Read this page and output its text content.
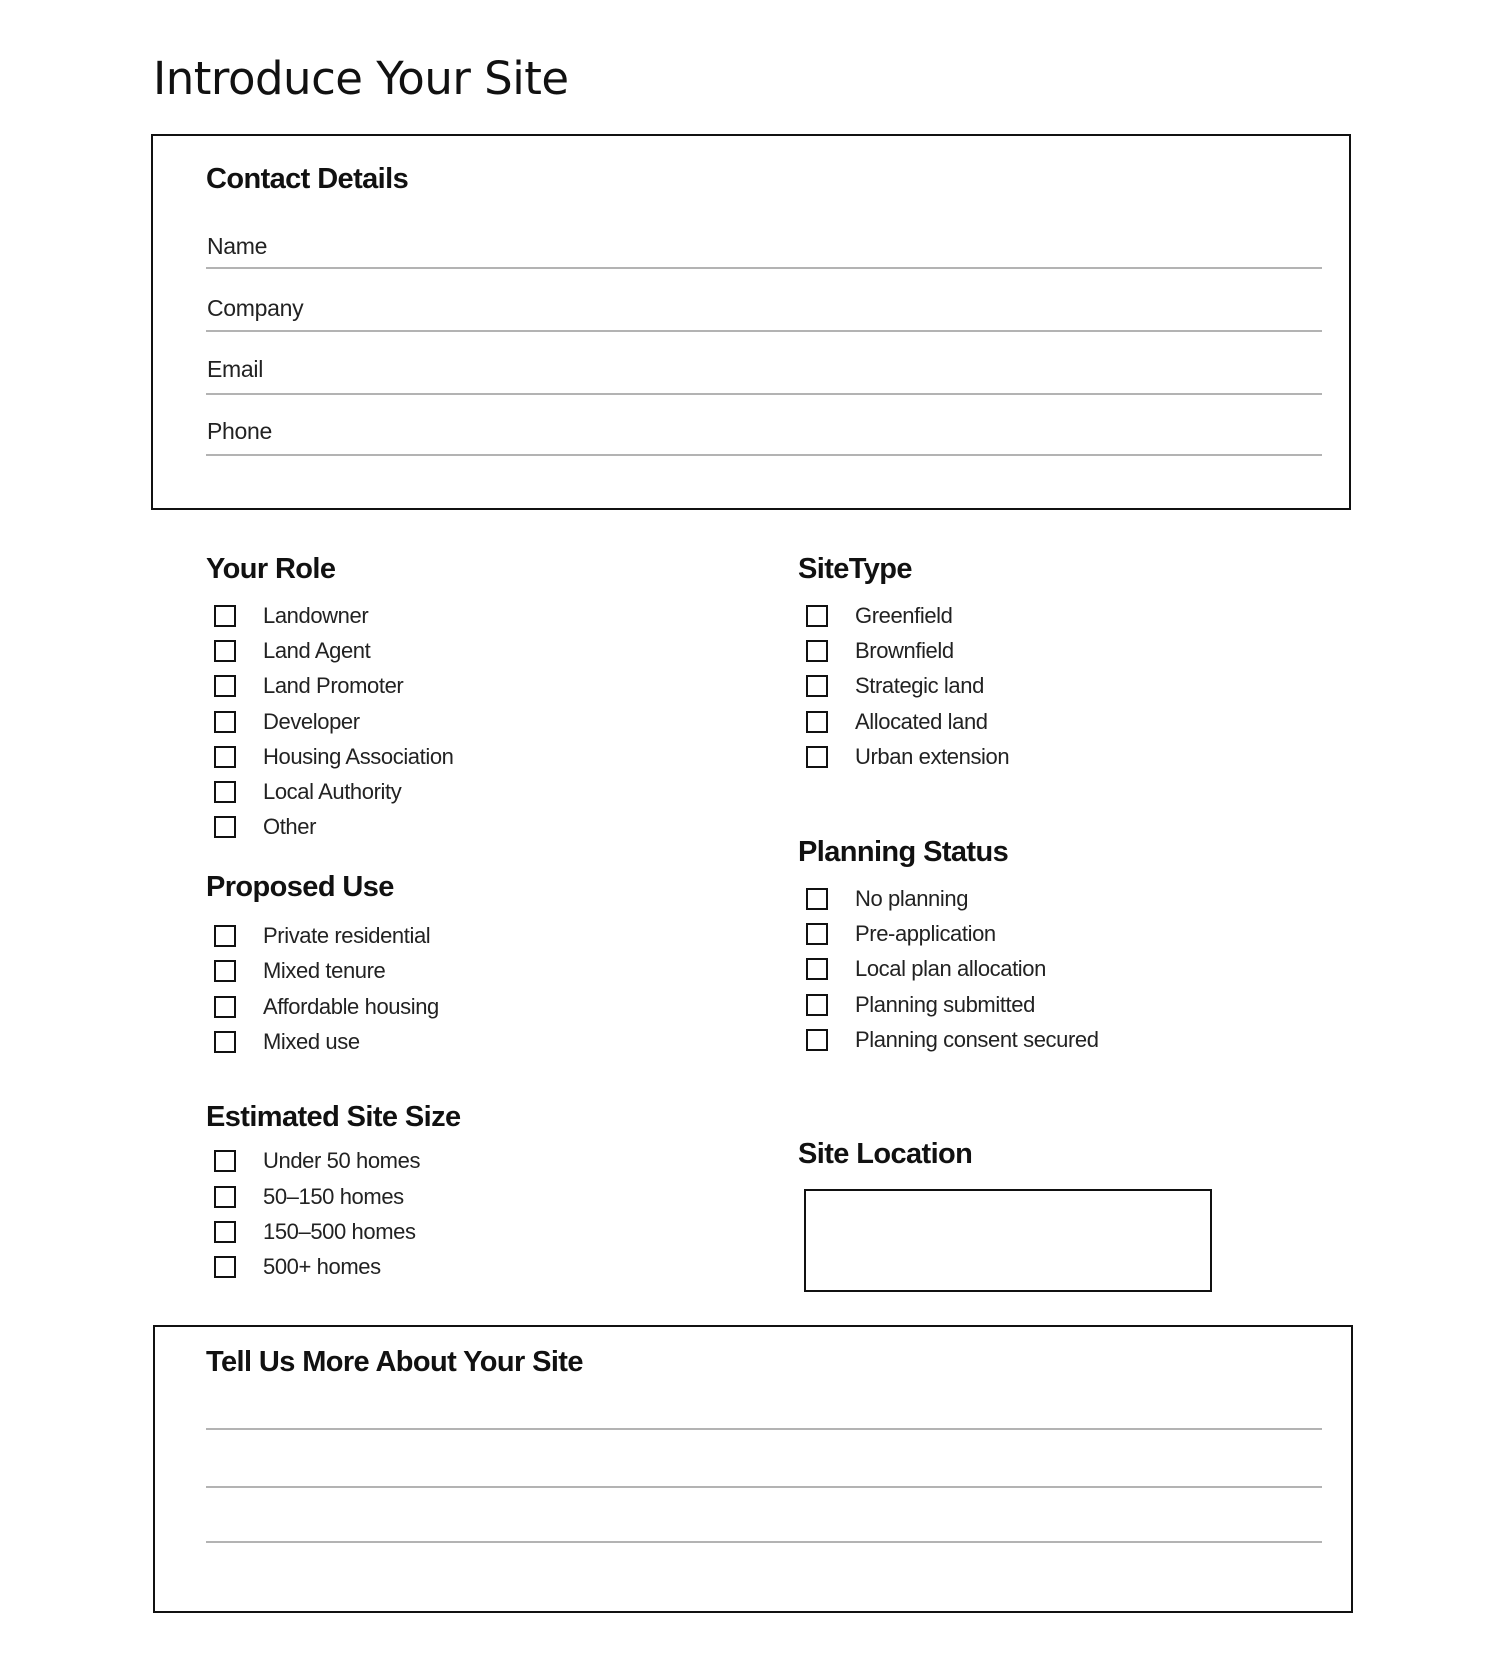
Introduce Your Site
Contact Details
Name
Company
Email
Phone
Your Role
Landowner
Land Agent
Land Promoter
Developer
Housing Association
Local Authority
Other
SiteType
Greenfield
Brownfield
Strategic land
Allocated land
Urban extension
Proposed Use
Private residential
Mixed tenure
Affordable housing
Mixed use
Planning Status
No planning
Pre-application
Local plan allocation
Planning submitted
Planning consent secured
Estimated Site Size
Under 50 homes
50–150 homes
150–500 homes
500+ homes
Site Location
Tell Us More About Your Site
